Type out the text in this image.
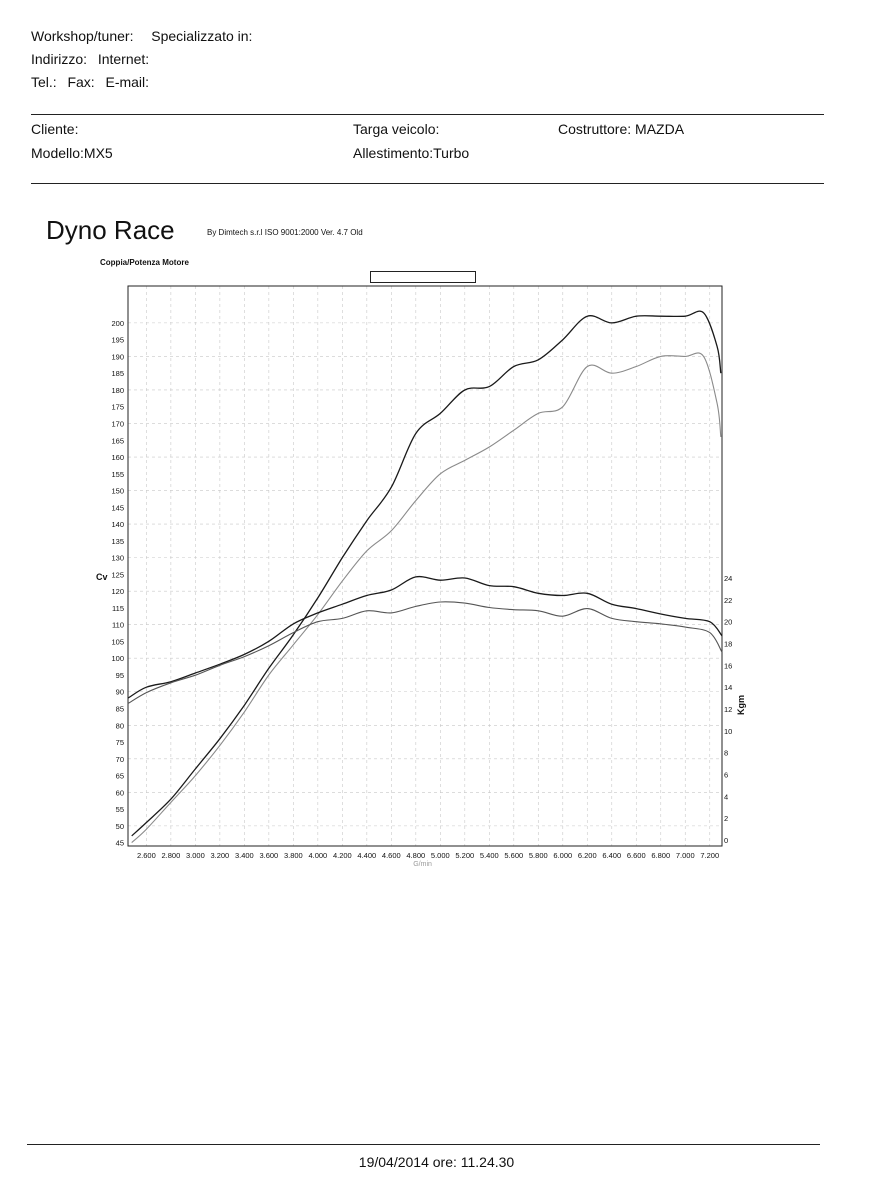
Workshop/tuner: Specializzato in:
Indirizzo: Internet:
Tel.: Fax: E-mail:
Cliente:
Modello:MX5
Targa veicolo:
Allestimento:Turbo
Costruttore: MAZDA
Dyno Race	By Dimtech s.r.l ISO 9001:2000 Ver. 4.7 Old
Coppia/Potenza Motore
2.600 2.800 3.000 3.200 3.400 3.600 3.800 4.000 4.200 4.400 4.600 4.800 5.000 5.200 5.400 5.600 5.800 6.000 6.200 6.400 6.600 6.800 7.000 7.200
45
50
55
60
65
70
75
80
85
90
95
100
105
110
115
120
125
130
135
140
145
150
155
160
165
170
175
180
185
190
195
200
0
2
4
6
8
10
12
14
16
18
20
22
24
G/min
Cv
Kgm
19/04/2014 ore: 11.24.30
